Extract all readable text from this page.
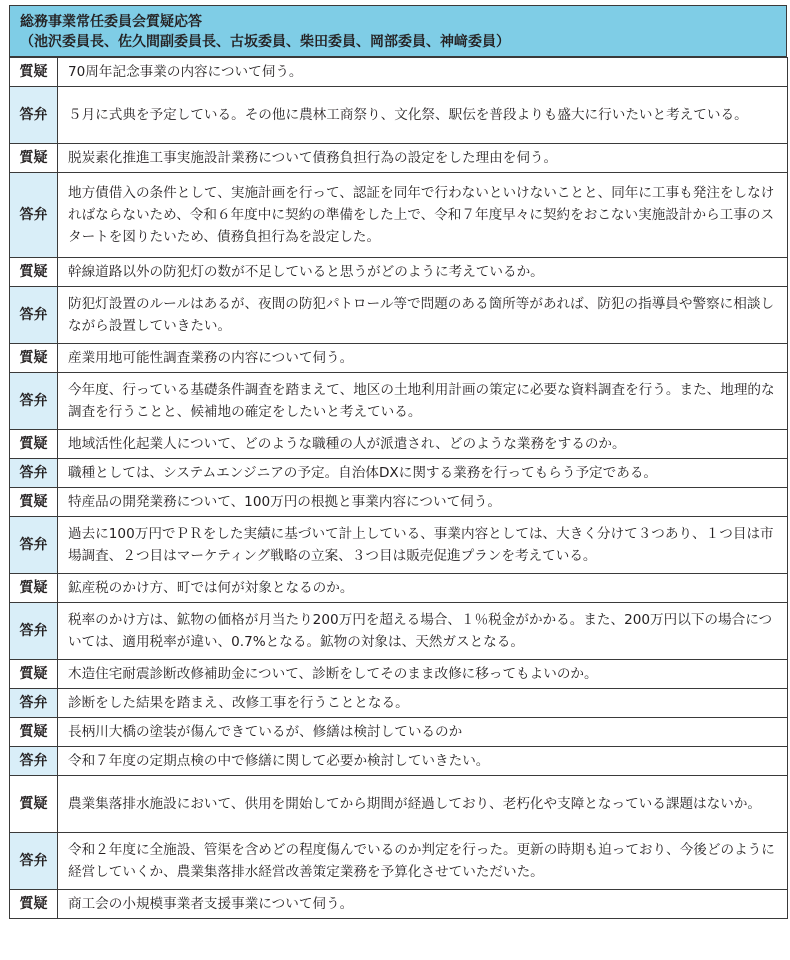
総務事業常任委員会質疑応答
（池沢委員長、佐久間副委員長、古坂委員、柴田委員、岡部委員、神﨑委員）
質疑	70周年記念事業の内容について伺う。
答弁	５月に式典を予定している。その他に農林工商祭り、文化祭、駅伝を普段よりも盛大に行いたいと考えている。
質疑	脱炭素化推進工事実施設計業務について債務負担行為の設定をした理由を伺う。
答弁	地方債借入の条件として、実施計画を行って、認証を同年で行わないといけないことと、同年に工事も発注をしなければならないため、令和６年度中に契約の準備をした上で、令和７年度早々に契約をおこない実施設計から工事のスタートを図りたいため、債務負担行為を設定した。
質疑	幹線道路以外の防犯灯の数が不足していると思うがどのように考えているか。
答弁	防犯灯設置のルールはあるが、夜間の防犯パトロール等で問題のある箇所等があれば、防犯の指導員や警察に相談しながら設置していきたい。
質疑	産業用地可能性調査業務の内容について伺う。
答弁	今年度、行っている基礎条件調査を踏まえて、地区の土地利用計画の策定に必要な資料調査を行う。また、地理的な調査を行うことと、候補地の確定をしたいと考えている。
質疑	地域活性化起業人について、どのような職種の人が派遣され、どのような業務をするのか。
答弁	職種としては、システムエンジニアの予定。自治体DXに関する業務を行ってもらう予定である。
質疑	特産品の開発業務について、100万円の根拠と事業内容について伺う。
答弁	過去に100万円でＰＲをした実績に基づいて計上している、事業内容としては、大きく分けて３つあり、１つ目は市場調査、２つ目はマーケティング戦略の立案、３つ目は販売促進プランを考えている。
質疑	鉱産税のかけ方、町では何が対象となるのか。
答弁	税率のかけ方は、鉱物の価格が月当たり200万円を超える場合、１％税金がかかる。また、200万円以下の場合については、適用税率が違い、0.7%となる。鉱物の対象は、天然ガスとなる。
質疑	木造住宅耐震診断改修補助金について、診断をしてそのまま改修に移ってもよいのか。
答弁	診断をした結果を踏まえ、改修工事を行うこととなる。
質疑	長柄川大橋の塗装が傷んできているが、修繕は検討しているのか
答弁	令和７年度の定期点検の中で修繕に関して必要か検討していきたい。
質疑	農業集落排水施設において、供用を開始してから期間が経過しており、老朽化や支障となっている課題はないか。
答弁	令和２年度に全施設、管渠を含めどの程度傷んでいるのか判定を行った。更新の時期も迫っており、今後どのように経営していくか、農業集落排水経営改善策定業務を予算化させていただいた。
質疑	商工会の小規模事業者支援事業について伺う。
